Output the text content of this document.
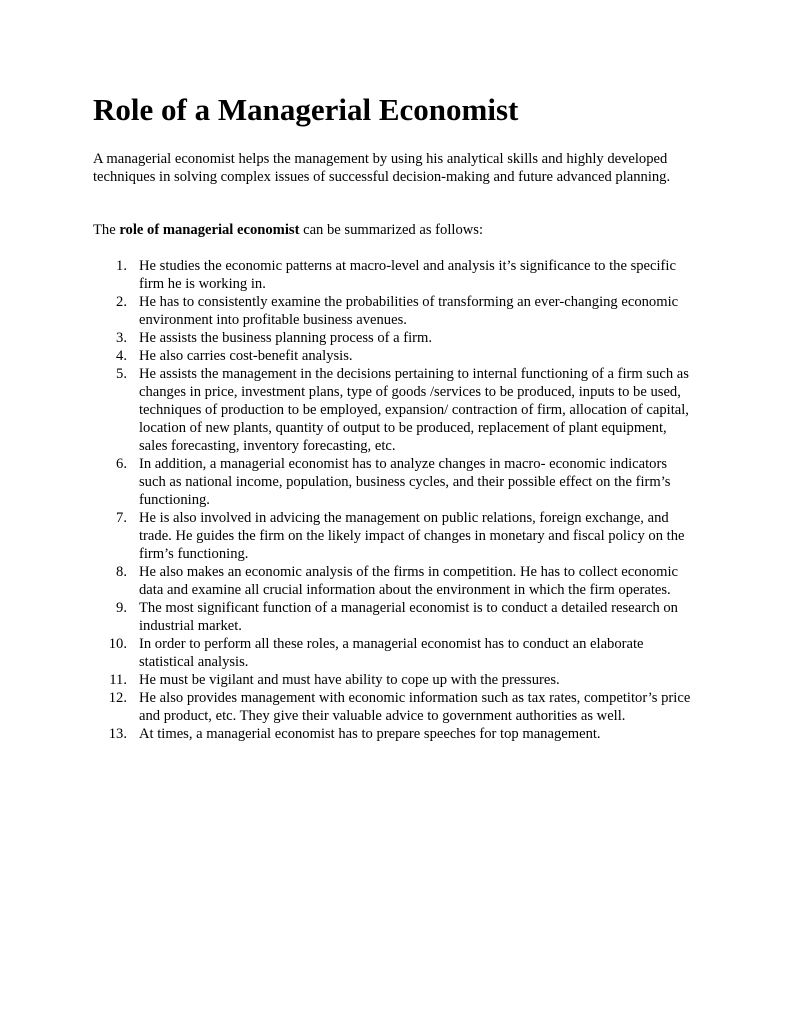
Role of a Managerial Economist

A managerial economist helps the management by using his analytical skills and highly developed techniques in solving complex issues of successful decision-making and future advanced planning.

The role of managerial economist can be summarized as follows:

1. He studies the economic patterns at macro-level and analysis it’s significance to the specific firm he is working in.
2. He has to consistently examine the probabilities of transforming an ever-changing economic environment into profitable business avenues.
3. He assists the business planning process of a firm.
4. He also carries cost-benefit analysis.
5. He assists the management in the decisions pertaining to internal functioning of a firm such as changes in price, investment plans, type of goods /services to be produced, inputs to be used, techniques of production to be employed, expansion/ contraction of firm, allocation of capital, location of new plants, quantity of output to be produced, replacement of plant equipment, sales forecasting, inventory forecasting, etc.
6. In addition, a managerial economist has to analyze changes in macro- economic indicators such as national income, population, business cycles, and their possible effect on the firm’s functioning.
7. He is also involved in advicing the management on public relations, foreign exchange, and trade. He guides the firm on the likely impact of changes in monetary and fiscal policy on the firm’s functioning.
8. He also makes an economic analysis of the firms in competition. He has to collect economic data and examine all crucial information about the environment in which the firm operates.
9. The most significant function of a managerial economist is to conduct a detailed research on industrial market.
10. In order to perform all these roles, a managerial economist has to conduct an elaborate statistical analysis.
11. He must be vigilant and must have ability to cope up with the pressures.
12. He also provides management with economic information such as tax rates, competitor’s price and product, etc. They give their valuable advice to government authorities as well.
13. At times, a managerial economist has to prepare speeches for top management.
